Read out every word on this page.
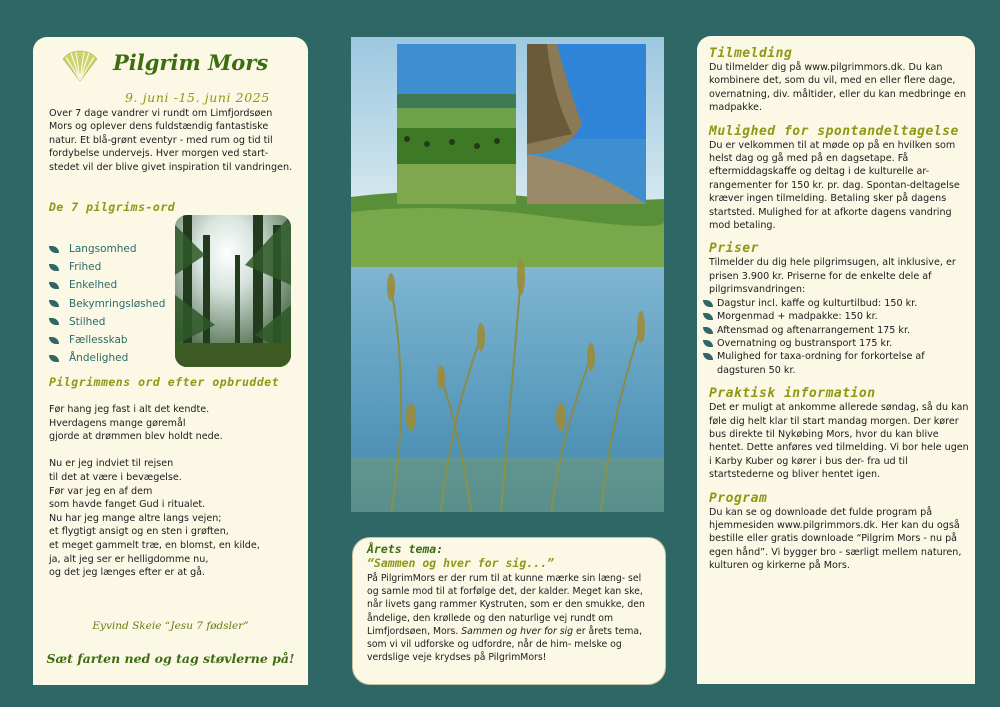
Pilgrim Mors
9. juni -15. juni 2025
Over 7 dage vandrer vi rundt om Limfjordsøen
Mors og oplever dens fuldstændig fantastiske
natur. Et blå-grønt eventyr - med rum og tid til
fordybelse undervejs. Hver morgen ved start-
stedet vil der blive givet inspiration til vandringen.
De 7 pilgrims-ord
Langsomhed
Frihed
Enkelhed
Bekymringsløshed
Stilhed
Fællesskab
Åndelighed
Pilgrimmens ord efter opbruddet
Før hang jeg fast i alt det kendte.
Hverdagens mange gøremål
gjorde at drømmen blev holdt nede.

Nu er jeg indviet til rejsen
til det at være i bevægelse.
Før var jeg en af dem
som havde fanget Gud i ritualet.
Nu har jeg mange altre langs vejen;
et flygtigt ansigt og en sten i grøften,
et meget gammelt træ, en blomst, en kilde,
ja, alt jeg ser er helligdomme nu,
og det jeg længes efter er at gå.
Eyvind Skeie “Jesu 7 fødsler”
Sæt farten ned og tag støvlerne på!
Årets tema:
“Sammen og hver for sig...”
På PilgrimMors er der rum til at kunne mærke sin læng- sel og samle mod til at forfølge det, der kalder. Meget kan ske, når livets gang rammer Kystruten, som er den smukke, den åndelige, den krøllede og den naturlige vej rundt om Limfjordsøen, Mors. Sammen og hver for sig er årets tema, som vi vil udforske og udfordre, når de him- melske og verdslige veje krydses på PilgrimMors!
Tilmelding
Du tilmelder dig på www.pilgrimmors.dk. Du kan kombinere det, som du vil, med en eller flere dage, overnatning, div. måltider, eller du kan medbringe en madpakke.
Mulighed for spontandeltagelse
Du er velkommen til at møde op på en hvilken som helst dag og gå med på en dagsetape. Få eftermiddagskaffe og deltag i de kulturelle ar- rangementer for 150 kr. pr. dag. Spontan-deltagelse kræver ingen tilmelding. Betaling sker på dagens startsted. Mulighed for at afkorte dagens vandring mod betaling.
Priser
Tilmelder du dig hele pilgrimsugen, alt inklusive, er prisen 3.900 kr. Priserne for de enkelte dele af pilgrimsvandringen:
Dagstur incl. kaffe og kulturtilbud: 150 kr.
Morgenmad + madpakke: 150 kr.
Aftensmad og aftenarrangement 175 kr.
Overnatning og bustransport 175 kr.
Mulighed for taxa-ordning for forkortelse af dagsturen 50 kr.
Praktisk information
Det er muligt at ankomme allerede søndag, så du kan føle dig helt klar til start mandag morgen. Der kører bus direkte til Nykøbing Mors, hvor du kan blive hentet. Dette anføres ved tilmelding. Vi bor hele ugen i Karby Kuber og kører i bus der- fra ud til startstederne og bliver hentet igen.
Program
Du kan se og downloade det fulde program på hjemmesiden www.pilgrimmors.dk. Her kan du også bestille eller gratis downloade “Pilgrim Mors - nu på egen hånd”. Vi bygger bro - særligt mellem naturen, kulturen og kirkerne på Mors.
